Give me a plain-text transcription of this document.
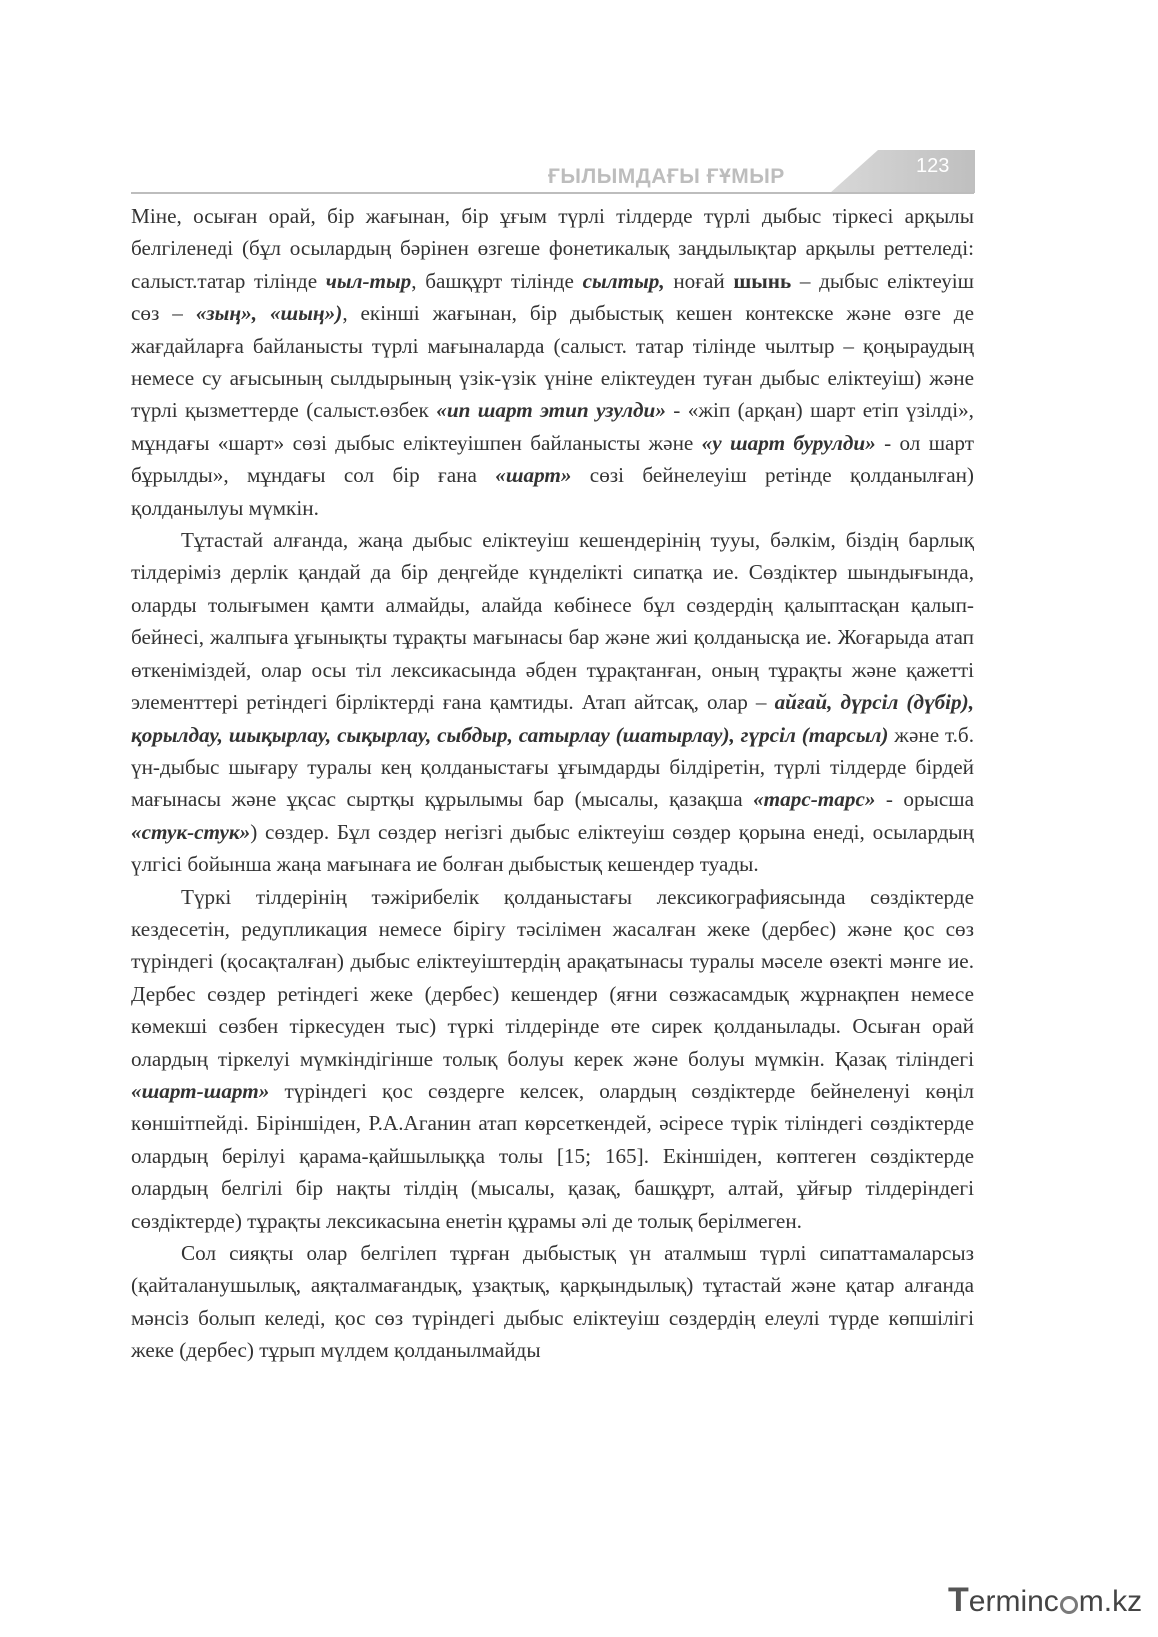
ҒЫЛЫМДАҒЫ ҒҰМЫР	123

Міне, осыған орай, бір жағынан, бір ұғым түрлі тілдерде түрлі дыбыс тіркесі арқылы белгіленеді (бұл осылардың бәрінен өзгеше фонетикалық заңдылықтар арқылы реттеледі: салыст.татар тілінде чыл-тыр, башқұрт тілінде сылтыр, ноғай шынь – дыбыс еліктеуіш сөз – «зың», «шың»), екінші жағынан, бір дыбыстық кешен контекске және өзге де жағдайларға байланысты түрлі мағыналарда (салыст. татар тілінде чылтыр – қоңыраудың немесе су ағысының сылдырының үзік-үзік үніне еліктеуден туған дыбыс еліктеуіш) және түрлі қызметтерде (салыст.өзбек «ип шарт этип узулди» - «жіп (арқан) шарт етіп үзілді», мұндағы «шарт» сөзі дыбыс еліктеуішпен байланысты және «у шарт бурулди» - ол шарт бұрылды», мұндағы сол бір ғана «шарт» сөзі бейнелеуіш ретінде қолданылған) қолданылуы мүмкін.

Тұтастай алғанда, жаңа дыбыс еліктеуіш кешендерінің тууы, бәлкім, біздің барлық тілдеріміз дерлік қандай да бір деңгейде күнделікті сипатқа ие. Сөздіктер шындығында, оларды толығымен қамти алмайды, алайда көбінесе бұл сөздердің қалыптасқан қалып-бейнесі, жалпыға ұғынықты тұрақты мағынасы бар және жиі қолданысқа ие. Жоғарыда атап өткеніміздей, олар осы тіл лексикасында әбден тұрақтанған, оның тұрақты және қажетті элементтері ретіндегі бірліктерді ғана қамтиды. Атап айтсақ, олар – айғай, дүрсіл (дүбір), қорылдау, шықырлау, сықырлау, сыбдыр, сатырлау (шатырлау), гүрсіл (тарсыл) және т.б. үн-дыбыс шығару туралы кең қолданыстағы ұғымдарды білдіретін, түрлі тілдерде бірдей мағынасы және ұқсас сыртқы құрылымы бар (мысалы, қазақша «тарс-тарс» - орысша «стук-стук») сөздер. Бұл сөздер негізгі дыбыс еліктеуіш сөздер қорына енеді, осылардың үлгісі бойынша жаңа мағынаға ие болған дыбыстық кешендер туады.

Түркі тілдерінің тәжірибелік қолданыстағы лексикографиясында сөздіктерде кездесетін, редупликация немесе бірігу тәсілімен жасалған жеке (дербес) және қос сөз түріндегі (қосақталған) дыбыс еліктеуіштердің арақатынасы туралы мәселе өзекті мәнге ие. Дербес сөздер ретіндегі жеке (дербес) кешендер (яғни сөзжасамдық жұрнақпен немесе көмекші сөзбен тіркесуден тыс) түркі тілдерінде өте сирек қолданылады. Осыған орай олардың тіркелуі мүмкіндігінше толық болуы керек және болуы мүмкін. Қазақ тіліндегі «шарт-шарт» түріндегі қос сөздерге келсек, олардың сөздіктерде бейнеленуі көңіл көншітпейді. Біріншіден, Р.А.Аганин атап көрсеткендей, әсіресе түрік тіліндегі сөздіктерде олардың берілуі қарама-қайшылыққа толы [15; 165]. Екіншіден, көптеген сөздіктерде олардың белгілі бір нақты тілдің (мысалы, қазақ, башқұрт, алтай, ұйғыр тілдеріндегі сөздіктерде) тұрақты лексикасына енетін құрамы әлі де толық берілмеген.

Сол сияқты олар белгілеп тұрған дыбыстық үн аталмыш түрлі сипаттамаларсыз (қайталанушылық, аяқталмағандық, ұзақтық, қарқындылық) тұтастай және қатар алғанда мәнсіз болып келеді, қос сөз түріндегі дыбыс еліктеуіш сөздердің елеулі түрде көпшілігі жеке (дербес) тұрып мүлдем қолданылмайды

Terminc m.kz
